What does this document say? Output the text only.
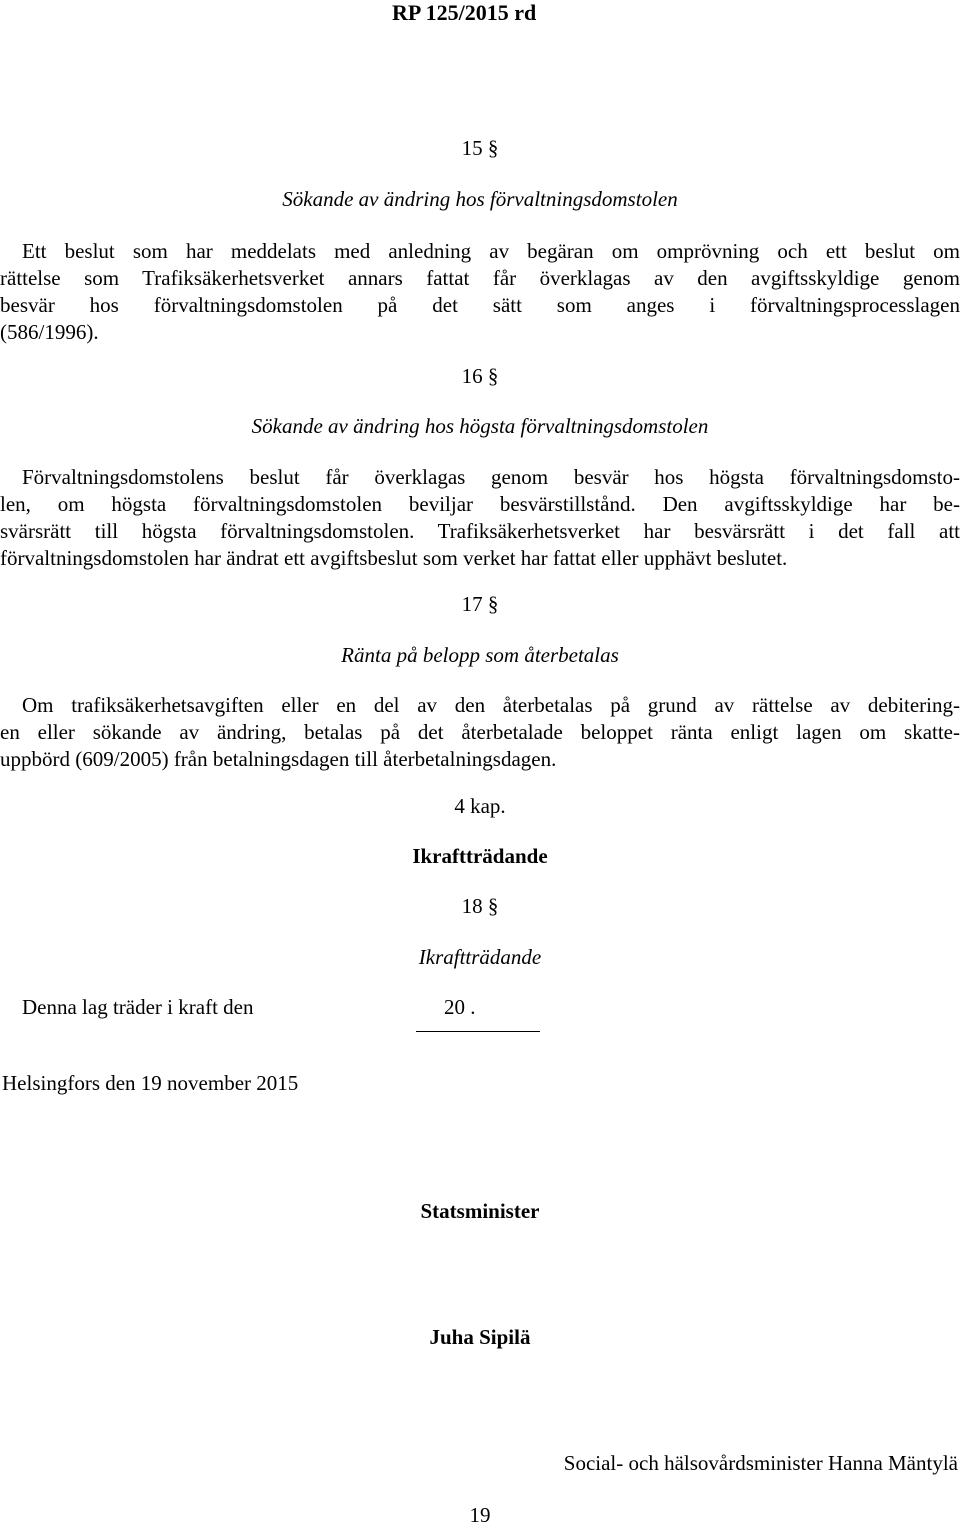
RP 125/2015 rd
15 §
Sökande av ändring hos förvaltningsdomstolen
Ett beslut som har meddelats med anledning av begäran om omprövning och ett beslut om
rättelse som Trafiksäkerhetsverket annars fattat får överklagas av den avgiftsskyldige genom
besvär hos förvaltningsdomstolen på det sätt som anges i förvaltningsprocesslagen
(586/1996).
16 §
Sökande av ändring hos högsta förvaltningsdomstolen
Förvaltningsdomstolens beslut får överklagas genom besvär hos högsta förvaltningsdomsto-
len, om högsta förvaltningsdomstolen beviljar besvärstillstånd. Den avgiftsskyldige har be-
svärsrätt till högsta förvaltningsdomstolen. Trafiksäkerhetsverket har besvärsrätt i det fall att
förvaltningsdomstolen har ändrat ett avgiftsbeslut som verket har fattat eller upphävt beslutet.
17 §
Ränta på belopp som återbetalas
Om trafiksäkerhetsavgiften eller en del av den återbetalas på grund av rättelse av debitering-
en eller sökande av ändring, betalas på det återbetalade beloppet ränta enligt lagen om skatte-
uppbörd (609/2005) från betalningsdagen till återbetalningsdagen.
4 kap.
Ikraftträdande
18 §
Ikraftträdande
Denna lag träder i kraft den	20 .
Helsingfors den 19 november 2015
Statsminister
Juha Sipilä
Social- och hälsovårdsminister Hanna Mäntylä
19
